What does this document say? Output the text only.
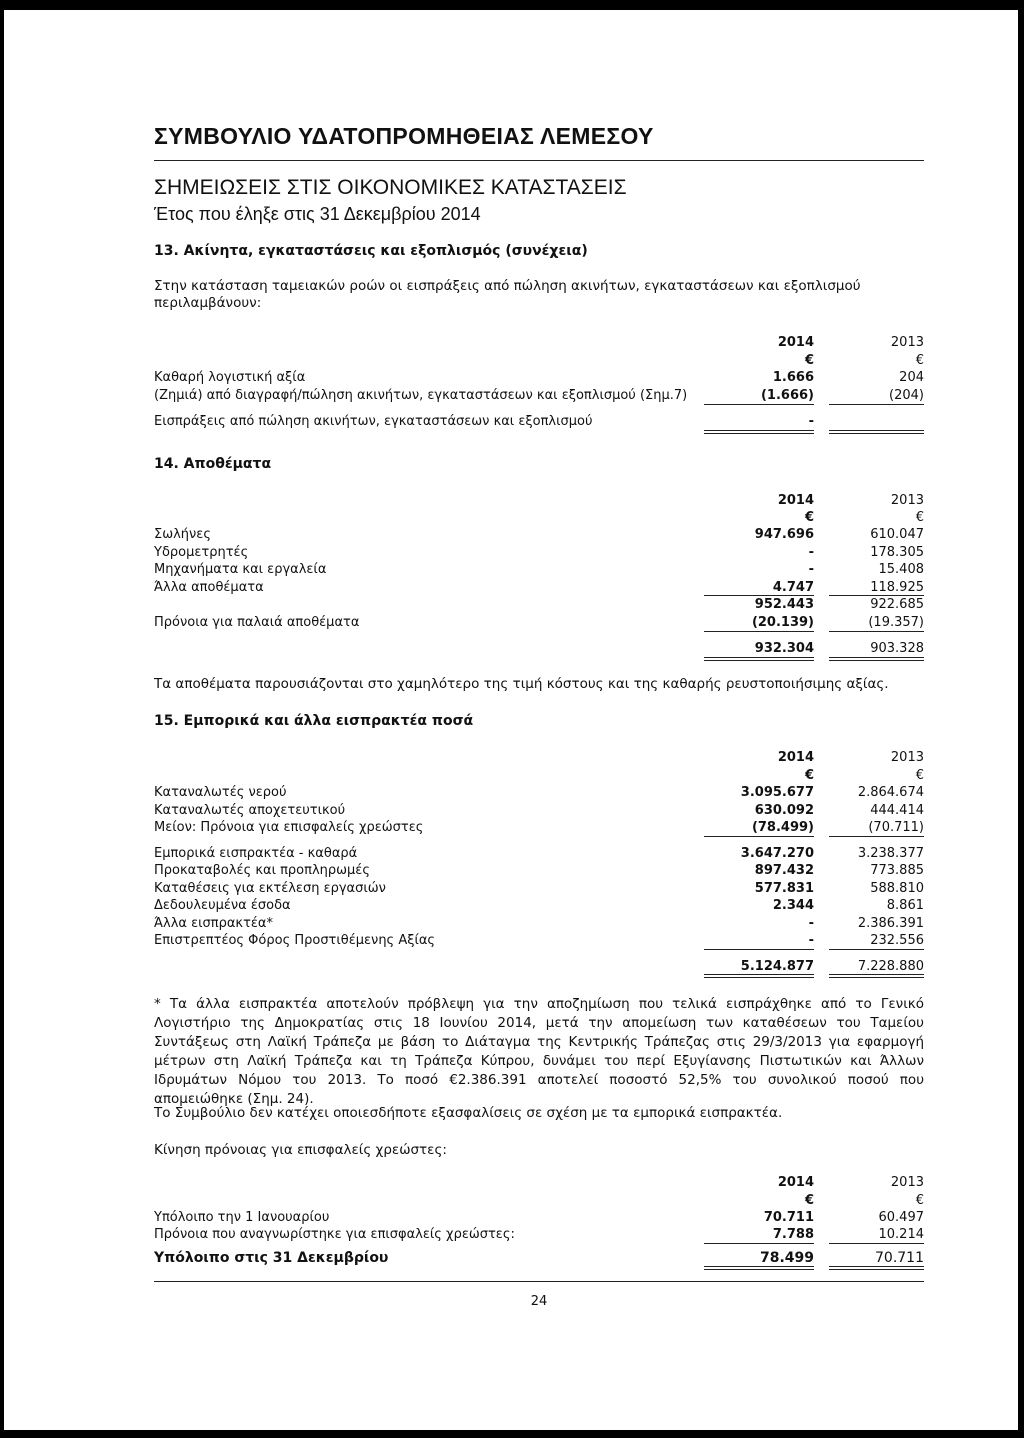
ΣΥΜΒΟΥΛΙΟ ΥΔΑΤΟΠΡΟΜΗΘΕΙΑΣ ΛΕΜΕΣΟΥ
ΣΗΜΕΙΩΣΕΙΣ ΣΤΙΣ ΟΙΚΟΝΟΜΙΚΕΣ ΚΑΤΑΣΤΑΣΕΙΣ
Έτος που έληξε στις 31 Δεκεμβρίου 2014
13. Ακίνητα, εγκαταστάσεις και εξοπλισμός (συνέχεια)
Στην κατάσταση ταμειακών ροών οι εισπράξεις από πώληση ακινήτων, εγκαταστάσεων και εξοπλισμού περιλαμβάνουν:
2014	2013
€	€
Καθαρή λογιστική αξία	1.666	204
(Ζημιά) από διαγραφή/πώληση ακινήτων, εγκαταστάσεων και εξοπλισμού (Σημ.7)	(1.666)	(204)
Εισπράξεις από πώληση ακινήτων, εγκαταστάσεων και εξοπλισμού	-
14. Αποθέματα
2014	2013
€	€
Σωλήνες	947.696	610.047
Υδρομετρητές	-	178.305
Μηχανήματα και εργαλεία	-	15.408
Άλλα αποθέματα	4.747	118.925
952.443	922.685
Πρόνοια για παλαιά αποθέματα	(20.139)	(19.357)
932.304	903.328
Τα αποθέματα παρουσιάζονται στο χαμηλότερο της τιμή κόστους και της καθαρής ρευστοποιήσιμης αξίας.
15. Εμπορικά και άλλα εισπρακτέα ποσά
2014	2013
€	€
Καταναλωτές νερού	3.095.677	2.864.674
Καταναλωτές αποχετευτικού	630.092	444.414
Μείον: Πρόνοια για επισφαλείς χρεώστες	(78.499)	(70.711)
Εμπορικά εισπρακτέα - καθαρά	3.647.270	3.238.377
Προκαταβολές και προπληρωμές	897.432	773.885
Καταθέσεις για εκτέλεση εργασιών	577.831	588.810
Δεδουλευμένα έσοδα	2.344	8.861
Άλλα εισπρακτέα*	-	2.386.391
Επιστρεπτέος Φόρος Προστιθέμενης Αξίας	-	232.556
5.124.877	7.228.880
* Τα άλλα εισπρακτέα αποτελούν πρόβλεψη για την αποζημίωση που τελικά εισπράχθηκε από το Γενικό Λογιστήριο της Δημοκρατίας στις 18 Ιουνίου 2014, μετά την απομείωση των καταθέσεων του Ταμείου Συντάξεως στη Λαϊκή Τράπεζα με βάση το Διάταγμα της Κεντρικής Τράπεζας στις 29/3/2013 για εφαρμογή μέτρων στη Λαϊκή Τράπεζα και τη Τράπεζα Κύπρου, δυνάμει του περί Εξυγίανσης Πιστωτικών και Άλλων Ιδρυμάτων Νόμου του 2013. Το ποσό €2.386.391 αποτελεί ποσοστό 52,5% του συνολικού ποσού που απομειώθηκε (Σημ. 24).
Το Συμβούλιο δεν κατέχει οποιεσδήποτε εξασφαλίσεις σε σχέση με τα εμπορικά εισπρακτέα.
Κίνηση πρόνοιας για επισφαλείς χρεώστες:
2014	2013
€	€
Υπόλοιπο την 1 Ιανουαρίου	70.711	60.497
Πρόνοια που αναγνωρίστηκε για επισφαλείς χρεώστες:	7.788	10.214
Υπόλοιπο στις 31 Δεκεμβρίου	78.499	70.711
24
